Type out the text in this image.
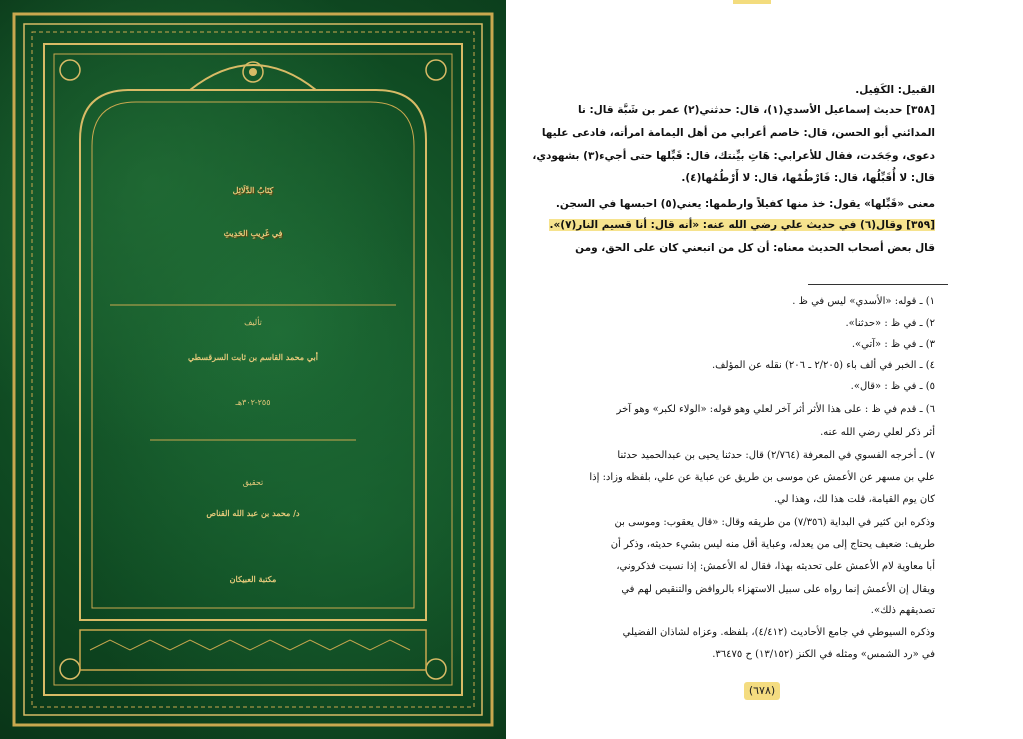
كِتَابُ الدَّلَائِل
فِي غَرِيبِ الحَدِيثِ
تأليف
أبي محمد القاسم بن ثابت السرقسطي
٢٥٥-٣٠٢هـ
تحقيق
د/ محمد بن عبد الله القناص
مكتبة العبيكان
القبيل: الكَفِيل.
[٣٥٨] حديث إسماعيل الأسدي(١)، قال: حدثني(٢) عمر بن شَبَّة قال: نا
المدائني أبو الحسن، قال: خاصم أعرابي من أهل اليمامة امرأته، فادعى عليها
دعوى، وجَحَدت، فقال للأعرابي: هَاتِ بيِّنتك، قال: قَبِّلها حتى أجيء(٣) بشهودي،
قال: لا أُقَبِّلُها، قال: فَارْطُمْها، قال: لا أَرْطُمُها(٤).
معنى «قَبِّلها» يقول: خذ منها كفيلاً وارطمها: يعني(٥) احبسها في السجن.
[٣٥٩] وقال(٦) في حديث علي رضي الله عنه: «أنه قال: أنا قسيم النار(٧)».
قال بعض أصحاب الحديث معناه: أن كل من اتبعني كان على الحق، ومن
١) ـ قوله: «الأسدي» ليس في ظ .
٢) ـ في ظ : «حدثنا».
٣) ـ في ظ : «آتي».
٤) ـ الخبر في ألف باء (٢/٢٠٥ ـ ٢٠٦) نقله عن المؤلف.
٥) ـ في ظ : «قال».
٦) ـ قدم في ظ : على هذا الأثر أثر آخر لعلي وهو قوله: «الولاء لكبر» وهو آخر
أثر ذكر لعلي رضي الله عنه.
٧) ـ أخرجه الفسوي في المعرفة (٢/٧٦٤) قال: حدثنا يحيى بن عبدالحميد حدثنا
علي بن مسهر عن الأعمش عن موسى بن طريق عن عباية عن علي، بلفظه وزاد: إذا
كان يوم القيامة، قلت هذا لك، وهذا لي.
وذكره ابن كثير في البداية (٧/٣٥٦) من طريقه وقال: «قال يعقوب: وموسى بن
طريف: ضعيف يحتاج إلى من يعدله، وعباية أقل منه ليس بشيء حديثه، وذكر أن
أبا معاوية لام الأعمش على تحديثه بهذا، فقال له الأعمش: إذا نسيت فذكروني،
ويقال إن الأعمش إنما رواه على سبيل الاستهزاء بالروافض والتنقيص لهم في
تصديقهم ذلك».
وذكره السيوطي في جامع الأحاديث (٤/٤١٢)، بلفظه. وعزاه لشاذان الفضيلي
في «رد الشمس» ومثله في الكنز (١٣/١٥٢) ح ٣٦٤٧٥.
(٦٧٨)
